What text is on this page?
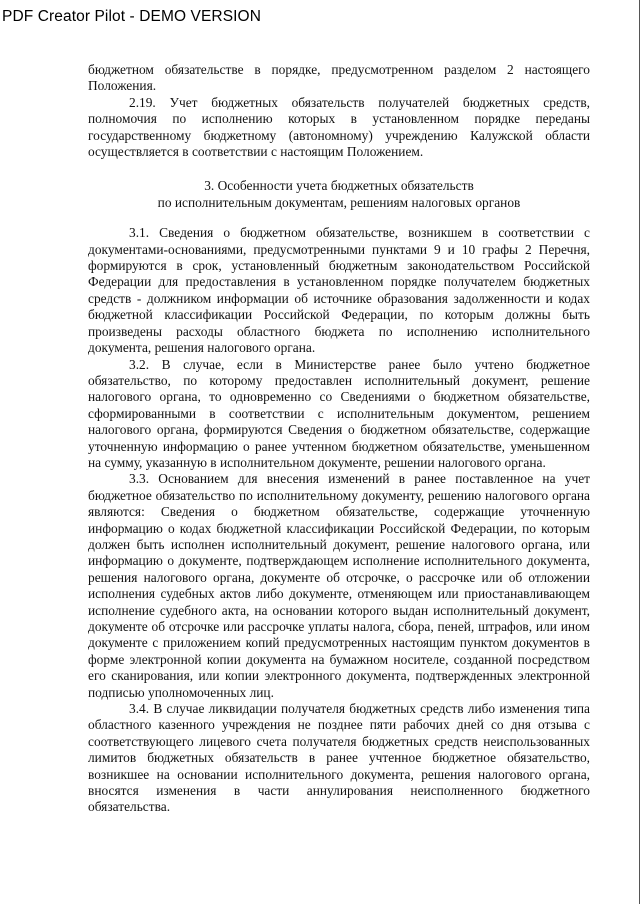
PDF Creator Pilot - DEMO VERSION

бюджетном обязательстве в порядке, предусмотренном разделом 2 настоящего Положения.

2.19. Учет бюджетных обязательств получателей бюджетных средств, полномочия по исполнению которых в установленном порядке переданы государственному бюджетному (автономному) учреждению Калужской области осуществляется в соответствии с настоящим Положением.

3. Особенности учета бюджетных обязательств
по исполнительным документам, решениям налоговых органов

3.1. Сведения о бюджетном обязательстве, возникшем в соответствии с документами-основаниями, предусмотренными пунктами 9 и 10 графы 2 Перечня, формируются в срок, установленный бюджетным законодательством Российской Федерации для предоставления в установленном порядке получателем бюджетных средств - должником информации об источнике образования задолженности и кодах бюджетной классификации Российской Федерации, по которым должны быть произведены расходы областного бюджета по исполнению исполнительного документа, решения налогового органа.

3.2. В случае, если в Министерстве ранее было учтено бюджетное обязательство, по которому предоставлен исполнительный документ, решение налогового органа, то одновременно со Сведениями о бюджетном обязательстве, сформированными в соответствии с исполнительным документом, решением налогового органа, формируются Сведения о бюджетном обязательстве, содержащие уточненную информацию о ранее учтенном бюджетном обязательстве, уменьшенном на сумму, указанную в исполнительном документе, решении налогового органа.

3.3. Основанием для внесения изменений в ранее поставленное на учет бюджетное обязательство по исполнительному документу, решению налогового органа являются: Сведения о бюджетном обязательстве, содержащие уточненную информацию о кодах бюджетной классификации Российской Федерации, по которым должен быть исполнен исполнительный документ, решение налогового органа, или информацию о документе, подтверждающем исполнение исполнительного документа, решения налогового органа, документе об отсрочке, о рассрочке или об отложении исполнения судебных актов либо документе, отменяющем или приостанавливающем исполнение судебного акта, на основании которого выдан исполнительный документ, документе об отсрочке или рассрочке уплаты налога, сбора, пеней, штрафов, или ином документе с приложением копий предусмотренных настоящим пунктом документов в форме электронной копии документа на бумажном носителе, созданной посредством его сканирования, или копии электронного документа, подтвержденных электронной подписью уполномоченных лиц.

3.4. В случае ликвидации получателя бюджетных средств либо изменения типа областного казенного учреждения не позднее пяти рабочих дней со дня отзыва с соответствующего лицевого счета получателя бюджетных средств неиспользованных лимитов бюджетных обязательств в ранее учтенное бюджетное обязательство, возникшее на основании исполнительного документа, решения налогового органа, вносятся изменения в части аннулирования неисполненного бюджетного обязательства.
